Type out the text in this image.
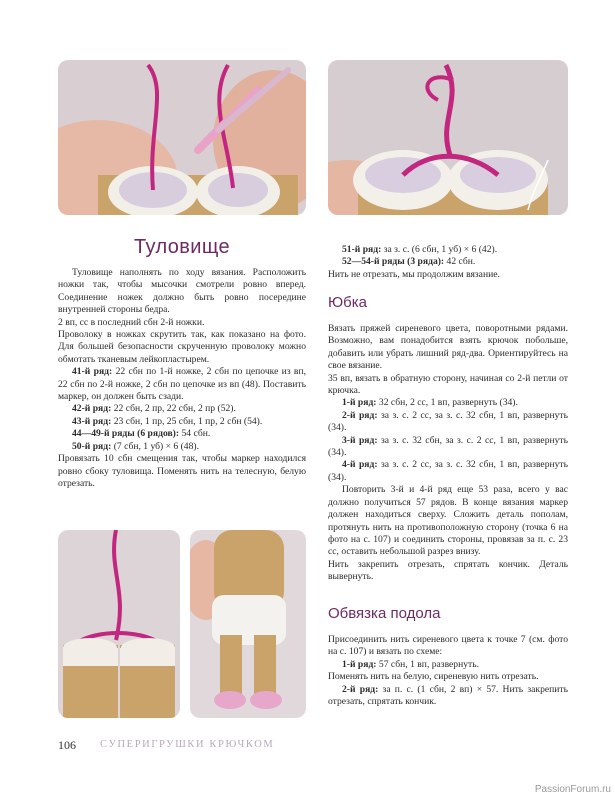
Туловище

Туловище наполнять по ходу вязания. Расположить ножки так, чтобы мысочки смотрели ровно вперед. Соединение ножек должно быть ровно посередине внутренней стороны бедра.

2 вп, сс в последний сбн 2-й ножки.

Проволоку в ножках скрутить так, как показано на фото. Для большей безопасности скрученную проволоку можно обмотать тканевым лейкопластырем.

41-й ряд: 22 сбн по 1-й ножке, 2 сбн по цепочке из вп, 22 сбн по 2-й ножке, 2 сбн по цепочке из вп (48). Поставить маркер, он должен быть сзади.

42-й ряд: 22 сбн, 2 пр, 22 сбн, 2 пр (52).

43-й ряд: 23 сбн, 1 пр, 25 сбн, 1 пр, 2 сбн (54).

44—49-й ряды (6 рядов): 54 сбн.

50-й ряд: (7 сбн, 1 уб) × 6 (48).

Провязать 10 сбн смещения так, чтобы маркер находился ровно сбоку туловища. Поменять нить на телесную, белую отрезать.

51-й ряд: за з. с. (6 сбн, 1 уб) × 6 (42).

52—54-й ряды (3 ряда): 42 сбн.

Нить не отрезать, мы продолжим вязание.

Юбка

Вязать пряжей сиреневого цвета, поворотными рядами. Возможно, вам понадобится взять крючок побольше, добавить или убрать лишний ряд-два. Ориентируйтесь на свое вязание.

35 вп, вязать в обратную сторону, начиная со 2-й петли от крючка.

1-й ряд: 32 сбн, 2 сс, 1 вп, развернуть (34).

2-й ряд: за з. с. 2 сс, за з. с. 32 сбн, 1 вп, развернуть (34).

3-й ряд: за з. с. 32 сбн, за з. с. 2 сс, 1 вп, развернуть (34).

4-й ряд: за з. с. 2 сс, за з. с. 32 сбн, 1 вп, развернуть (34).

Повторить 3-й и 4-й ряд еще 53 раза, всего у вас должно получиться 57 рядов. В конце вязания маркер должен находиться сверху. Сложить деталь пополам, протянуть нить на противоположную сторону (точка 6 на фото на с. 107) и соединить стороны, провязав за п. с. 23 сс, оставить небольшой разрез внизу.

Нить закрепить отрезать, спрятать кончик. Деталь вывернуть.

Обвязка подола

Присоединить нить сиреневого цвета к точке 7 (см. фото на с. 107) и вязать по схеме:

1-й ряд: 57 сбн, 1 вп, развернуть.

Поменять нить на белую, сиреневую нить отрезать.

2-й ряд: за п. с. (1 сбн, 2 вп) × 57. Нить закрепить отрезать, спрятать кончик.

106 СУПЕРИГРУШКИ КРЮЧКОМ
PassionForum.ru
